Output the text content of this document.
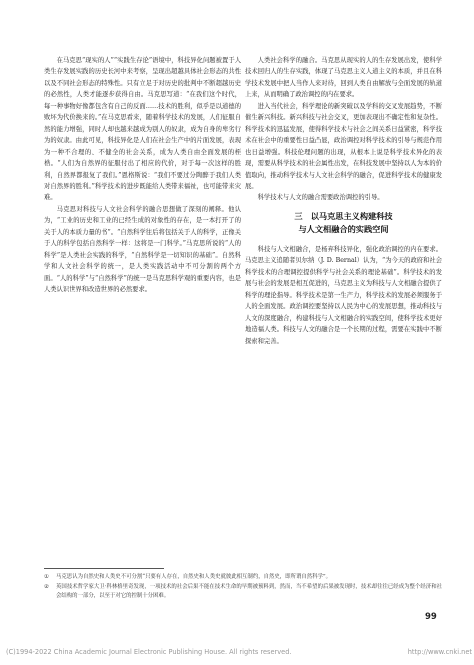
在马克思“现实的人”“实践生存论”语境中，科技异化问题被置于人类生存发展实践的历史长河中来考察，呈现出超越具体社会形态的共性以及不同社会形态的特殊性。只有立足于对历史的批判中不断超越历史的必然性，人类才能逐步获得自由。马克思写道：“在我们这个时代，每一种事物好像都包含有自己的反面……技术的胜利，似乎是以道德的败坏为代价换来的。”在马克思看来，随着科学技术的发展，人们征服自然的能力增强，同时人却也越来越成为别人的奴隶，成为自身的卑劣行为的奴隶。由此可见，科技异化是人们在社会生产中的片面发展，表现为一种不合理的、不健全的社会关系，成为人类自由全面发展的桎梏。“人们为自然界的征服付出了相应的代价，对于每一次这样的胜利，自然界都报复了我们。”恩格斯说：“我们不要过分陶醉于我们人类对自然界的胜利。”科学技术的进步既能给人类带来福祉，也可能带来灾难。

马克思对科技与人文社会科学的融合思想做了深刻的阐释。他认为，“工业的历史和工业的已经生成的对象性的存在，是一本打开了的关于人的本质力量的书”。“自然科学往后将包括关于人的科学，正像关于人的科学包括自然科学一样：这将是一门科学。”马克思所说的“人的科学”是人类社会实践的科学，“自然科学是一切知识的基础”。自然科学和人文社会科学的统一，是人类实践活动中不可分割的两个方面。“人的科学”与“自然科学”的统一是马克思科学观的重要内容，也是人类认识世界和改造世界的必然要求。

人类社会科学的融合。马克思从现实的人的生存发展出发，使科学技术回归人的生存实践，体现了马克思主义人道主义的本质，并且在科学技术发展中把人当作人来对待，回到人类自由解放与全面发展的轨道上来，从而明确了政治调控的内在要求。

进入当代社会，科学理论的新突破以及学科的交叉发展趋势，不断催生新兴科技。新兴科技与社会交叉，更加表现出不确定性和复杂性。科学技术的迅猛发展，使得科学技术与社会之间关系日益紧密，科学技术在社会中的重要性日益凸显，政治调控对科学技术的引导与规范作用也日益增强。科技伦理问题的出现，从根本上说是科学技术异化的表现，需要从科学技术的社会属性出发，在科技发展中坚持以人为本的价值取向，推动科学技术与人文社会科学的融合，促进科学技术的健康发展。

科学技术与人文的融合需要政治调控的引导。

三　以马克思主义构建科技
与人文相融合的实践空间

科技与人文相融合，是杨弃科技异化，强化政治调控的内在要求。马克思主义追随者贝尔纳（J. D. Bernal）认为，“为今天的政府和社会科学技术的合理调控提供科学与社会关系的理论基础”。科学技术的发展与社会的发展是相互促进的，马克思主义为科技与人文相融合提供了科学的理论指导。科学技术是第一生产力，科学技术的发展必须服务于人的全面发展。政治调控要坚持以人民为中心的发展思想，推动科技与人文的深度融合，构建科技与人文相融合的实践空间，使科学技术更好地造福人类。科技与人文的融合是一个长期的过程，需要在实践中不断探索和完善。

①	马克思认为自然史和人类史不可分割“只要有人存在，自然史和人类史就彼此相互制约，自然史，即所谓自然科学”。

②	英国技术哲学家大卫·科林格里奇发现，一项技术的社会后果不能在技术生命的早期被预料到，然而，当不希望的后果被发现时，技术却往往已经成为整个经济和社会结构的一部分，以至于对它的控制十分困难。

99
(C)1994-2022 China Academic Journal Electronic Publishing House. All rights reserved.	http://www.cnki.net
